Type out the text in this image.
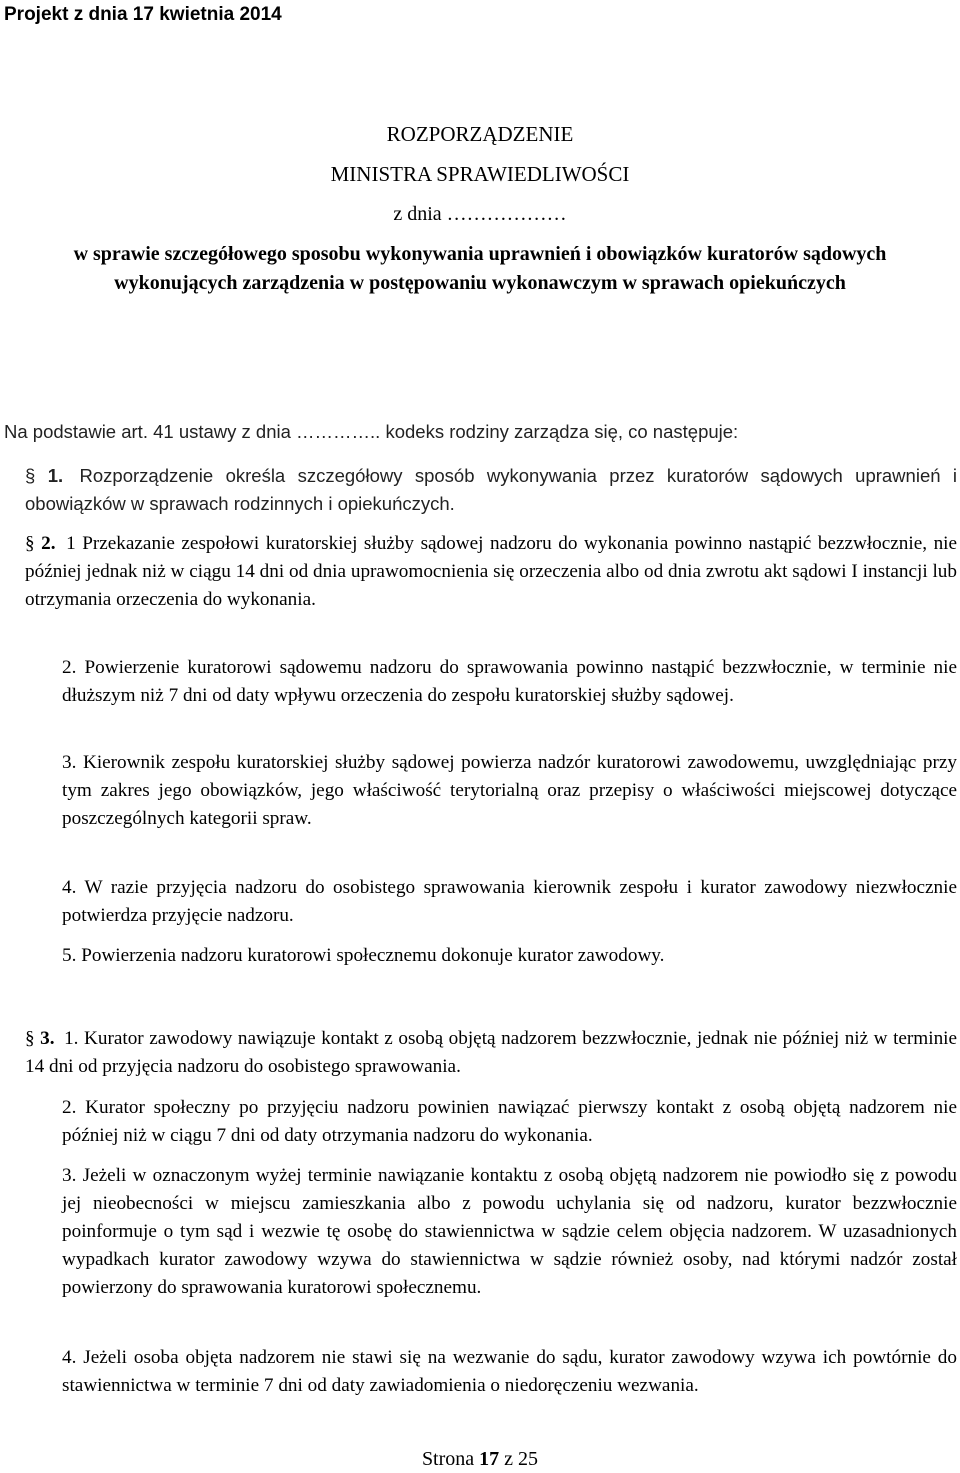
Projekt z dnia 17 kwietnia 2014
ROZPORZĄDZENIE
MINISTRA SPRAWIEDLIWOŚCI
z dnia ………………
w sprawie szczegółowego sposobu wykonywania uprawnień i obowiązków kuratorów sądowych wykonujących zarządzenia w postępowaniu wykonawczym w sprawach opiekuńczych
Na podstawie art. 41 ustawy z dnia ………….. kodeks rodziny zarządza się, co następuje:
§ 1. Rozporządzenie określa szczegółowy sposób wykonywania przez kuratorów sądowych uprawnień i obowiązków w sprawach rodzinnych i opiekuńczych.
§ 2. 1 Przekazanie zespołowi kuratorskiej służby sądowej nadzoru do wykonania powinno nastąpić bezzwłocznie, nie później jednak niż w ciągu 14 dni od dnia uprawomocnienia się orzeczenia albo od dnia zwrotu akt sądowi I instancji lub otrzymania orzeczenia do wykonania.
2. Powierzenie kuratorowi sądowemu nadzoru do sprawowania powinno nastąpić bezzwłocznie, w terminie nie dłuższym niż 7 dni od daty wpływu orzeczenia do zespołu kuratorskiej służby sądowej.
3. Kierownik zespołu kuratorskiej służby sądowej powierza nadzór kuratorowi zawodowemu, uwzględniając przy tym zakres jego obowiązków, jego właściwość terytorialną oraz przepisy o właściwości miejscowej dotyczące poszczególnych kategorii spraw.
4. W razie przyjęcia nadzoru do osobistego sprawowania kierownik zespołu i kurator zawodowy niezwłocznie potwierdza przyjęcie nadzoru.
5. Powierzenia nadzoru kuratorowi społecznemu dokonuje kurator zawodowy.
§ 3. 1. Kurator zawodowy nawiązuje kontakt z osobą objętą nadzorem bezzwłocznie, jednak nie później niż w terminie 14 dni od przyjęcia nadzoru do osobistego sprawowania.
2. Kurator społeczny po przyjęciu nadzoru powinien nawiązać pierwszy kontakt z osobą objętą nadzorem nie później niż w ciągu 7 dni od daty otrzymania nadzoru do wykonania.
3. Jeżeli w oznaczonym wyżej terminie nawiązanie kontaktu z osobą objętą nadzorem nie powiodło się z powodu jej nieobecności w miejscu zamieszkania albo z powodu uchylania się od nadzoru, kurator bezzwłocznie poinformuje o tym sąd i wezwie tę osobę do stawiennictwa w sądzie celem objęcia nadzorem. W uzasadnionych wypadkach kurator zawodowy wzywa do stawiennictwa w sądzie również osoby, nad którymi nadzór został powierzony do sprawowania kuratorowi społecznemu.
4. Jeżeli osoba objęta nadzorem nie stawi się na wezwanie do sądu, kurator zawodowy wzywa ich powtórnie do stawiennictwa w terminie 7 dni od daty zawiadomienia o niedoręczeniu wezwania.
Strona 17 z 25
